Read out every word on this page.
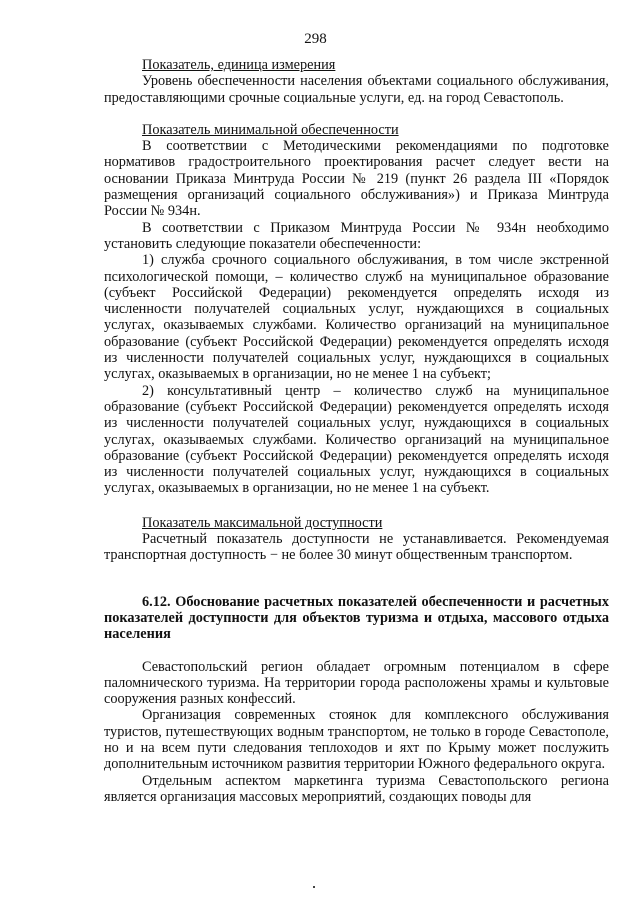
298

Показатель, единица измерения

Уровень обеспеченности населения объектами социального обслуживания, предоставляющими срочные социальные услуги, ед. на город Севастополь.

Показатель минимальной обеспеченности

В соответствии с Методическими рекомендациями по подготовке нормативов градостроительного проектирования расчет следует вести на основании Приказа Минтруда России № 219 (пункт 26 раздела III «Порядок размещения организаций социального обслуживания») и Приказа Минтруда России № 934н.

В соответствии с Приказом Минтруда России № 934н необходимо установить следующие показатели обеспеченности:

1) служба срочного социального обслуживания, в том числе экстренной психологической помощи, – количество служб на муниципальное образование (субъект Российской Федерации) рекомендуется определять исходя из численности получателей социальных услуг, нуждающихся в социальных услугах, оказываемых службами. Количество организаций на муниципальное образование (субъект Российской Федерации) рекомендуется определять исходя из численности получателей социальных услуг, нуждающихся в социальных услугах, оказываемых в организации, но не менее 1 на субъект;

2) консультативный центр – количество служб на муниципальное образование (субъект Российской Федерации) рекомендуется определять исходя из численности получателей социальных услуг, нуждающихся в социальных услугах, оказываемых службами. Количество организаций на муниципальное образование (субъект Российской Федерации) рекомендуется определять исходя из численности получателей социальных услуг, нуждающихся в социальных услугах, оказываемых в организации, но не менее 1 на субъект.

Показатель максимальной доступности

Расчетный показатель доступности не устанавливается. Рекомендуемая транспортная доступность − не более 30 минут общественным транспортом.

6.12. Обоснование расчетных показателей обеспеченности и расчетных показателей доступности для объектов туризма и отдыха, массового отдыха населения

Севастопольский регион обладает огромным потенциалом в сфере паломнического туризма. На территории города расположены храмы и культовые сооружения разных конфессий.

Организация современных стоянок для комплексного обслуживания туристов, путешествующих водным транспортом, не только в городе Севастополе, но и на всем пути следования теплоходов и яхт по Крыму может послужить дополнительным источником развития территории Южного федерального округа.

Отдельным аспектом маркетинга туризма Севастопольского региона является организация массовых мероприятий, создающих поводы для
